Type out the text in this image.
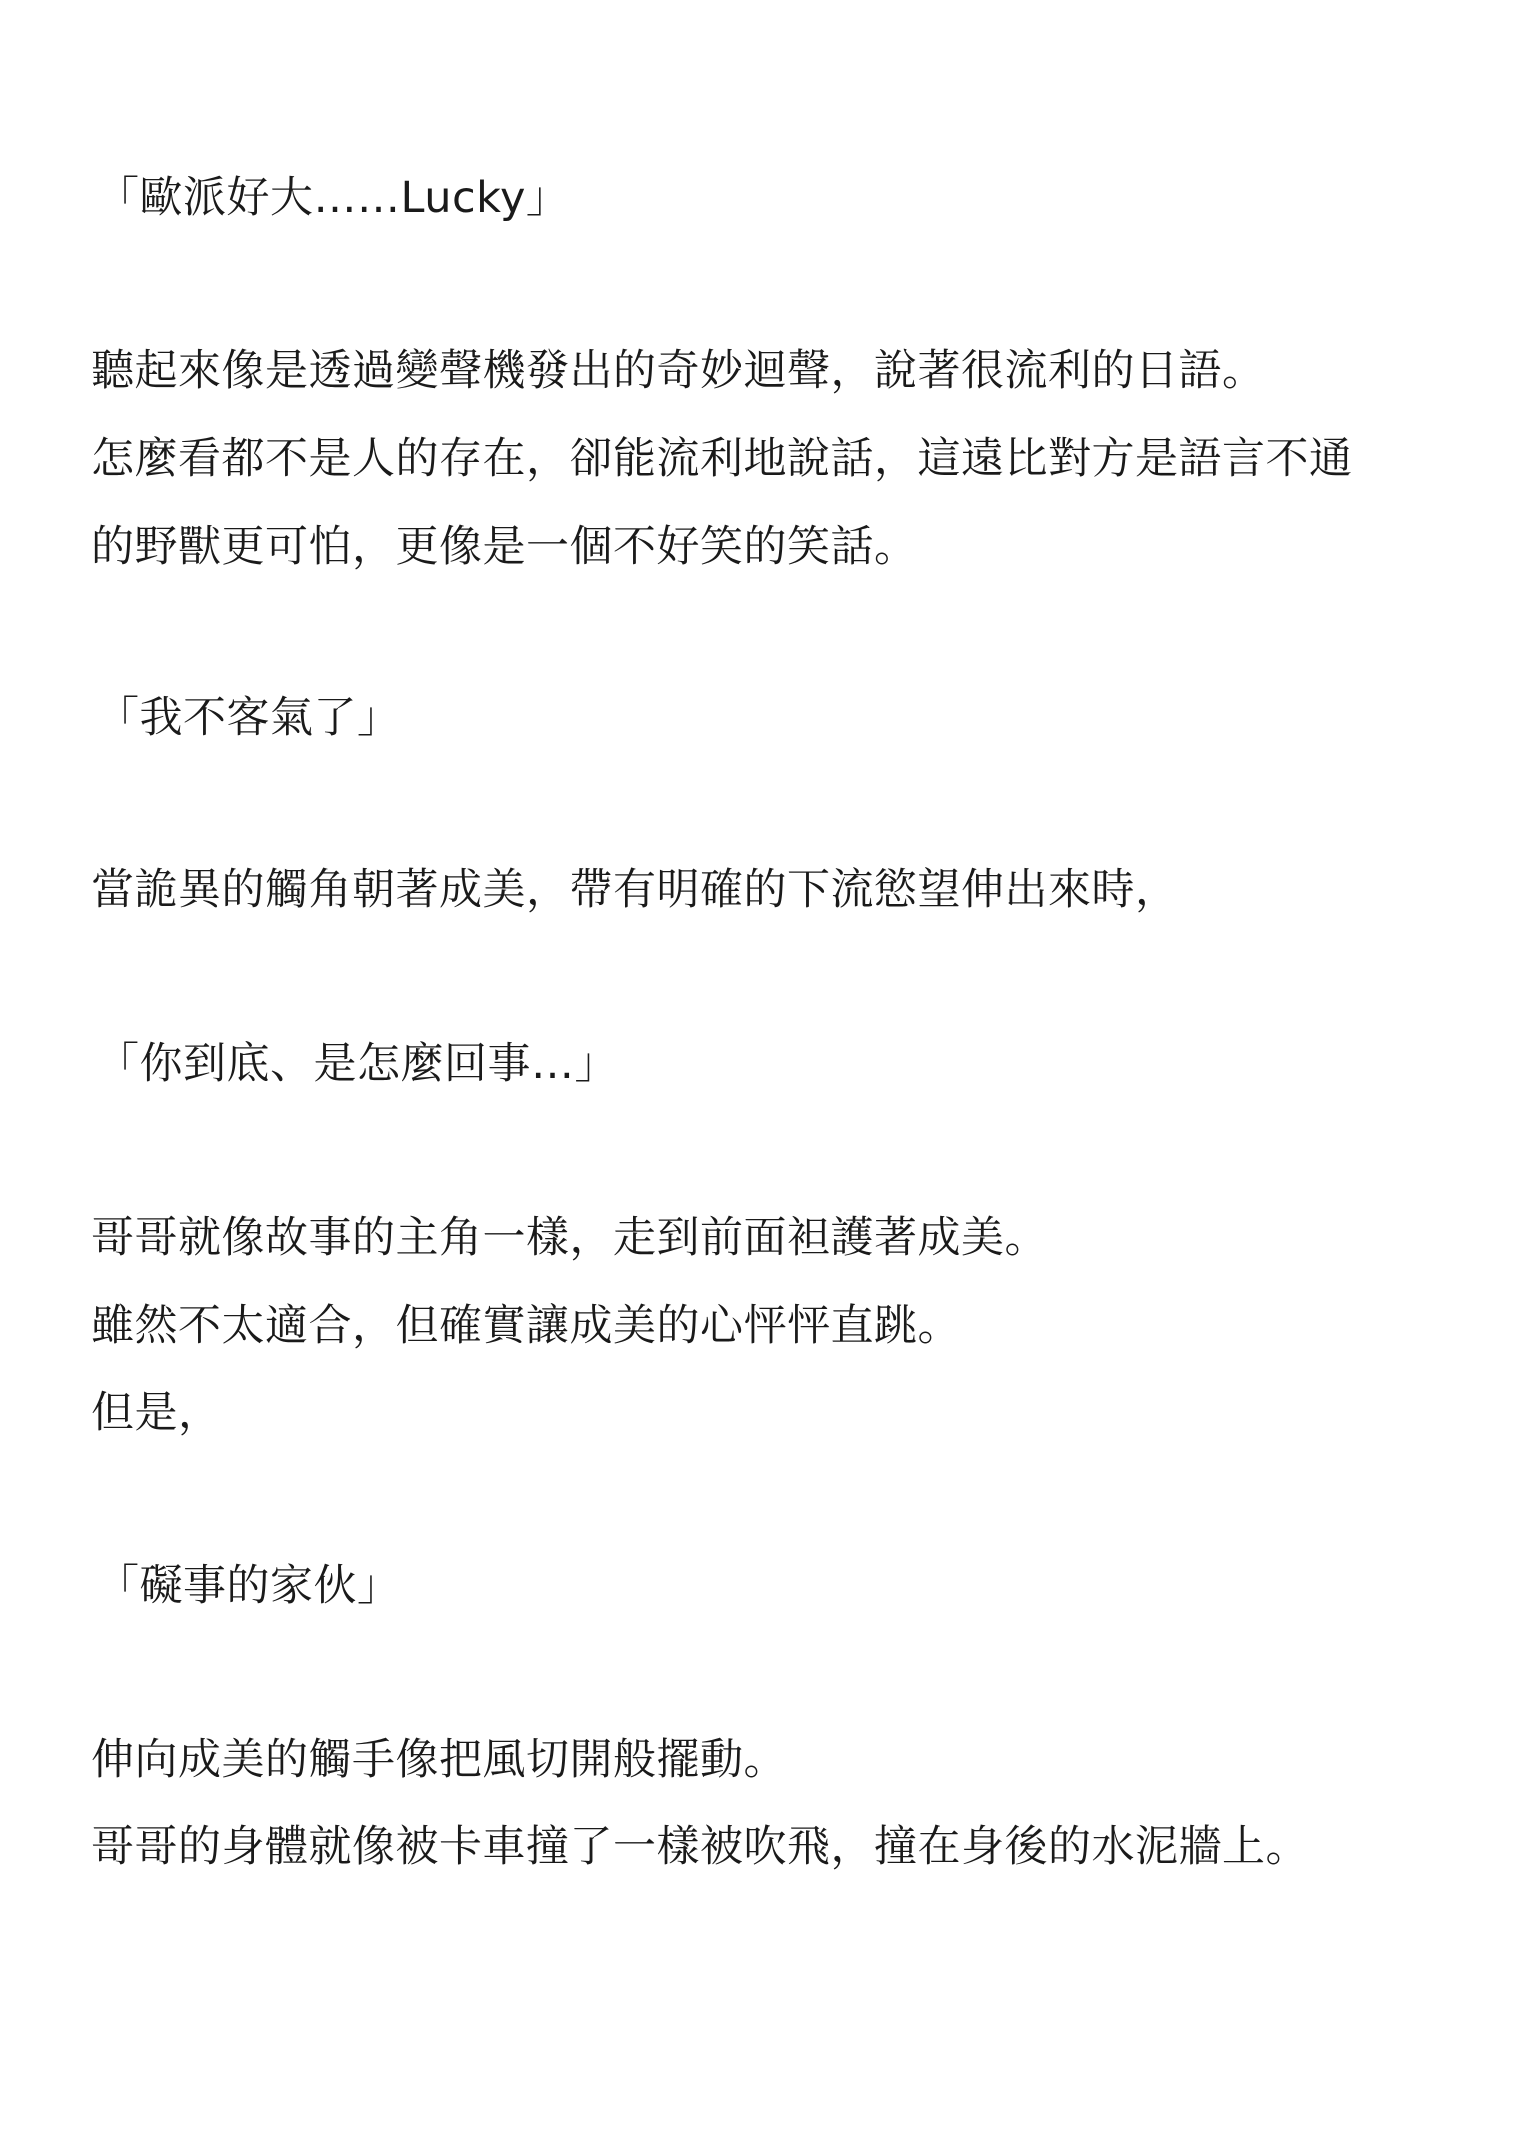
「歐派好大……Lucky」

聽起來像是透過變聲機發出的奇妙迴聲，說著很流利的日語。

怎麼看都不是人的存在，卻能流利地說話，這遠比對方是語言不通

的野獸更可怕，更像是一個不好笑的笑話。

「我不客氣了」

當詭異的觸角朝著成美，帶有明確的下流慾望伸出來時，

「你到底、是怎麼回事…」

哥哥就像故事的主角一樣，走到前面袒護著成美。

雖然不太適合，但確實讓成美的心怦怦直跳。

但是，

「礙事的家伙」

伸向成美的觸手像把風切開般擺動。

哥哥的身體就像被卡車撞了一樣被吹飛，撞在身後的水泥牆上。
